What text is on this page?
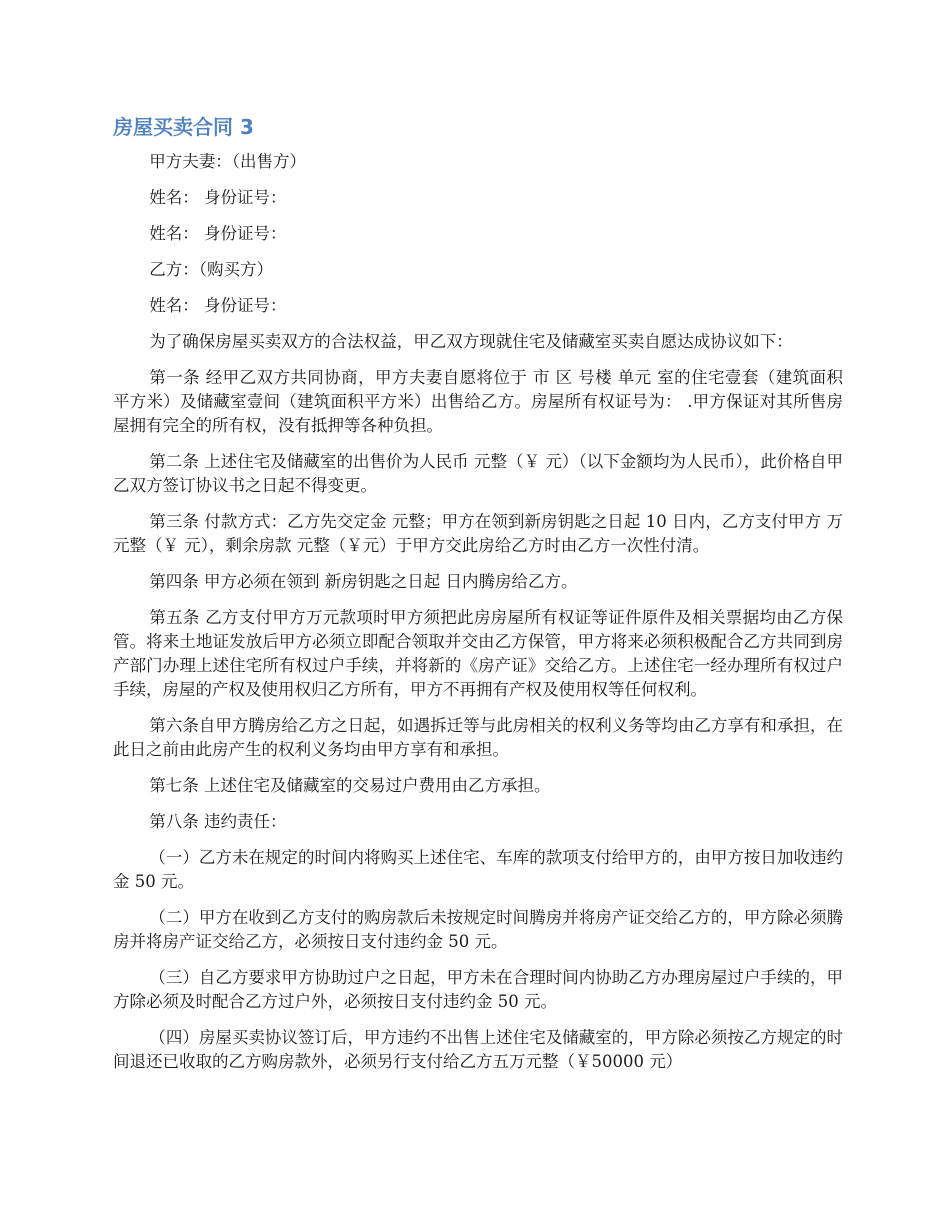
房屋买卖合同 3

甲方夫妻：（出售方）

姓名： 身份证号：

姓名： 身份证号：

乙方：（购买方）

姓名： 身份证号：

为了确保房屋买卖双方的合法权益，甲乙双方现就住宅及储藏室买卖自愿达成协议如下：

第一条 经甲乙双方共同协商，甲方夫妻自愿将位于 市 区 号楼 单元 室的住宅壹套（建筑面积 平方米）及储藏室壹间（建筑面积平方米）出售给乙方。房屋所有权证号为： .甲方保证对其所售房屋拥有完全的所有权，没有抵押等各种负担。

第二条 上述住宅及储藏室的出售价为人民币 元整（￥ 元）（以下金额均为人民币），此价格自甲乙双方签订协议书之日起不得变更。

第三条 付款方式：乙方先交定金 元整；甲方在领到新房钥匙之日起 10 日内，乙方支付甲方 万元整（￥ 元），剩余房款 元整（￥元）于甲方交此房给乙方时由乙方一次性付清。

第四条 甲方必须在领到 新房钥匙之日起 日内腾房给乙方。

第五条 乙方支付甲方万元款项时甲方须把此房房屋所有权证等证件原件及相关票据均由乙方保管。将来土地证发放后甲方必须立即配合领取并交由乙方保管，甲方将来必须积极配合乙方共同到房产部门办理上述住宅所有权过户手续，并将新的《房产证》交给乙方。上述住宅一经办理所有权过户手续，房屋的产权及使用权归乙方所有，甲方不再拥有产权及使用权等任何权利。

第六条自甲方腾房给乙方之日起，如遇拆迁等与此房相关的权利义务等均由乙方享有和承担，在此日之前由此房产生的权利义务均由甲方享有和承担。

第七条 上述住宅及储藏室的交易过户费用由乙方承担。

第八条 违约责任：

（一）乙方未在规定的时间内将购买上述住宅、车库的款项支付给甲方的，由甲方按日加收违约金 50 元。

（二）甲方在收到乙方支付的购房款后未按规定时间腾房并将房产证交给乙方的，甲方除必须腾房并将房产证交给乙方，必须按日支付违约金 50 元。

（三）自乙方要求甲方协助过户之日起，甲方未在合理时间内协助乙方办理房屋过户手续的，甲方除必须及时配合乙方过户外，必须按日支付违约金 50 元。

（四）房屋买卖协议签订后，甲方违约不出售上述住宅及储藏室的，甲方除必须按乙方规定的时间退还已收取的乙方购房款外，必须另行支付给乙方五万元整（￥50000 元）
